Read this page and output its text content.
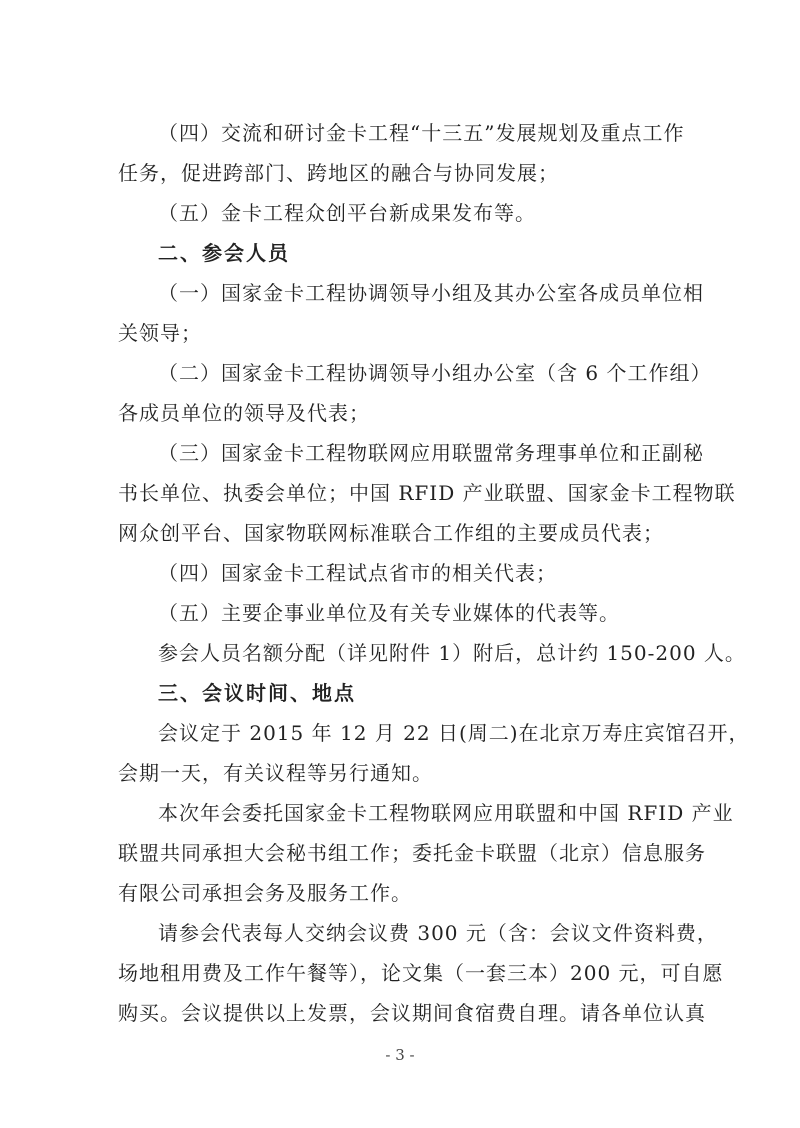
（四）交流和研讨金卡工程“十三五”发展规划及重点工作
任务，促进跨部门、跨地区的融合与协同发展；
（五）金卡工程众创平台新成果发布等。
二、参会人员
（一）国家金卡工程协调领导小组及其办公室各成员单位相
关领导；
（二）国家金卡工程协调领导小组办公室（含 6 个工作组）
各成员单位的领导及代表；
（三）国家金卡工程物联网应用联盟常务理事单位和正副秘
书长单位、执委会单位；中国 RFID 产业联盟、国家金卡工程物联
网众创平台、国家物联网标准联合工作组的主要成员代表；
（四）国家金卡工程试点省市的相关代表；
（五）主要企事业单位及有关专业媒体的代表等。
参会人员名额分配（详见附件 1）附后，总计约 150-200 人。
三、会议时间、地点
会议定于 2015 年 12 月 22 日(周二)在北京万寿庄宾馆召开，
会期一天，有关议程等另行通知。
本次年会委托国家金卡工程物联网应用联盟和中国 RFID 产业
联盟共同承担大会秘书组工作；委托金卡联盟（北京）信息服务
有限公司承担会务及服务工作。
请参会代表每人交纳会议费 300 元（含：会议文件资料费，
场地租用费及工作午餐等），论文集（一套三本）200 元，可自愿
购买。会议提供以上发票，会议期间食宿费自理。请各单位认真
- 3 -
